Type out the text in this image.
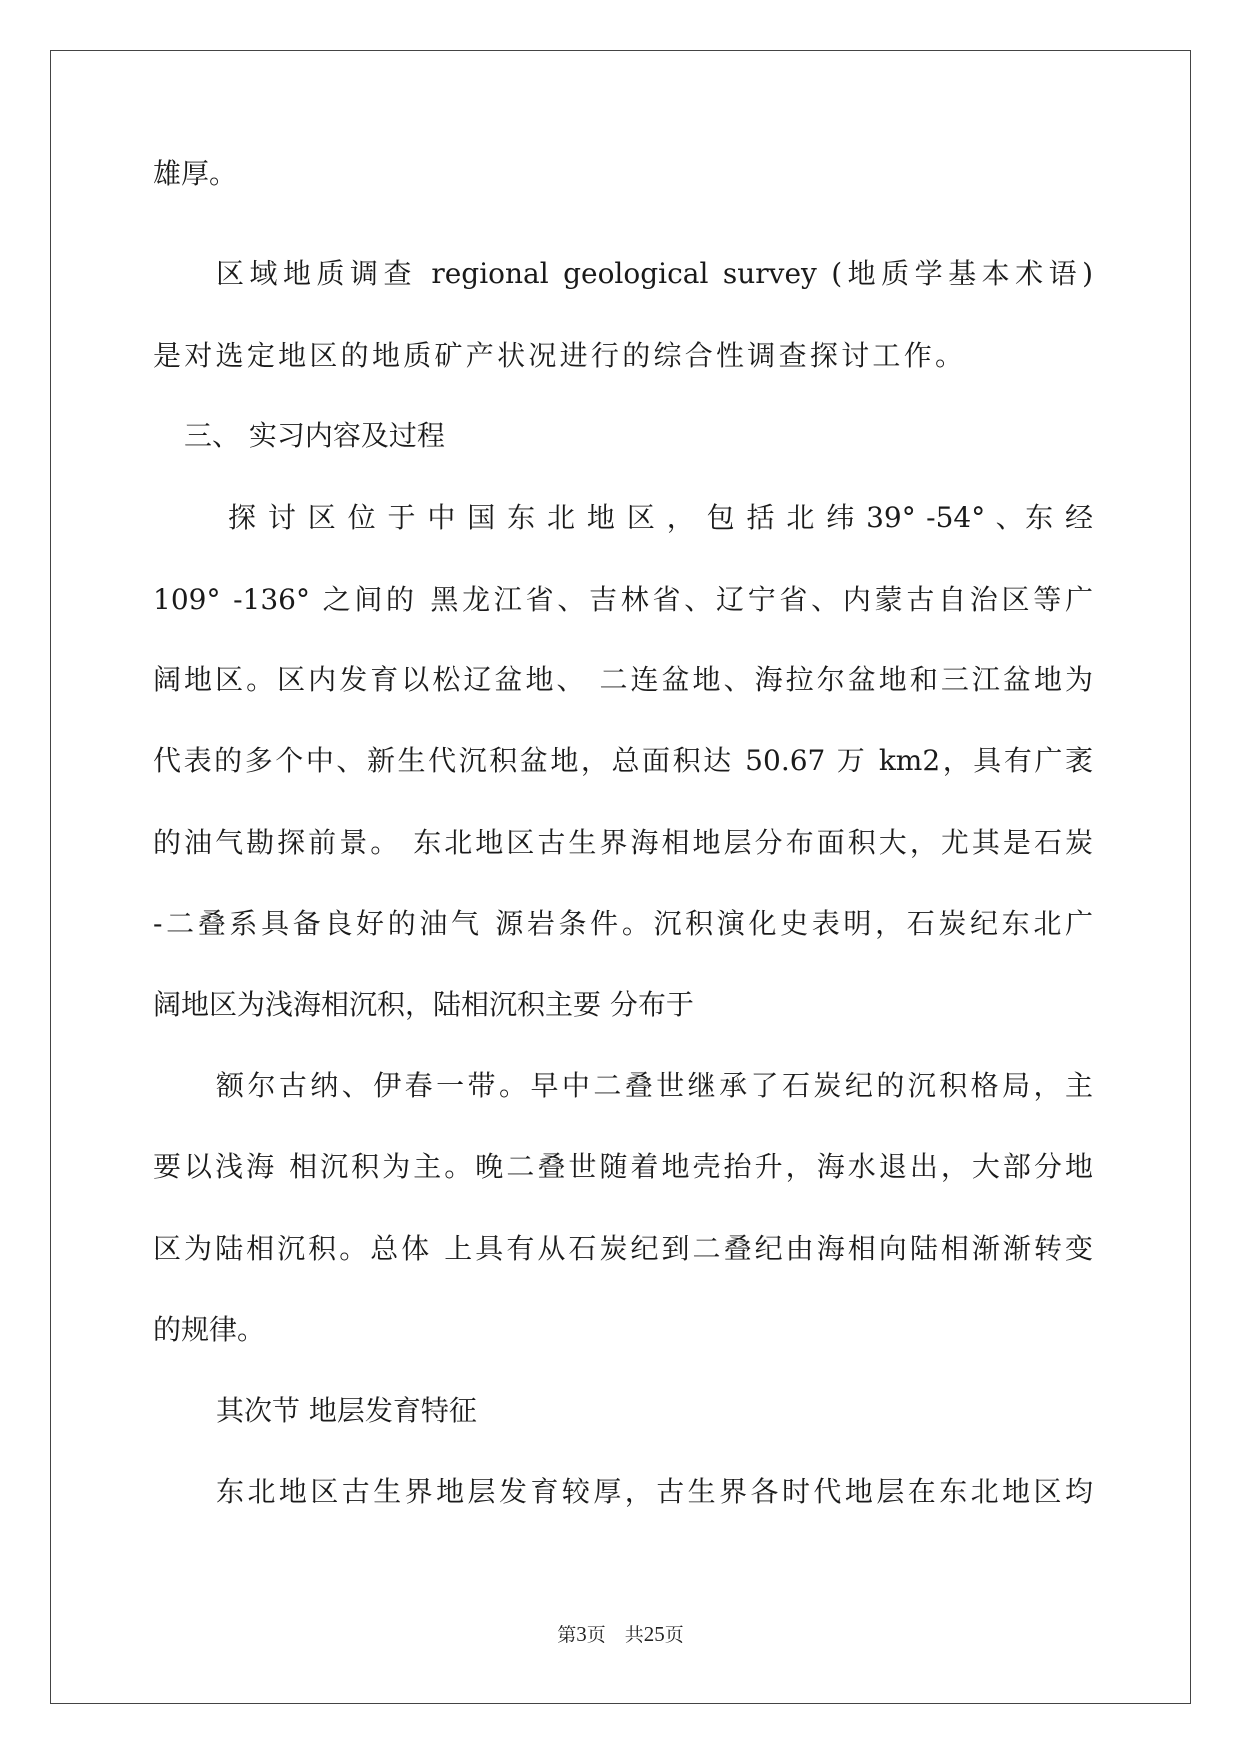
雄厚。
区域地质调查 regional geological survey (地质学基本术语)
是对选定地区的地质矿产状况进行的综合性调查探讨工作。
三、 实习内容及过程
探 讨 区 位 于 中 国 东 北 地 区 ， 包 括 北 纬 39° -54° 、东 经
109° -136° 之间的 黑龙江省、吉林省、辽宁省、内蒙古自治区等广
阔地区。区内发育以松辽盆地、 二连盆地、海拉尔盆地和三江盆地为
代表的多个中、新生代沉积盆地，总面积达 50.67 万 km2，具有广袤
的油气勘探前景。 东北地区古生界海相地层分布面积大，尤其是石炭
-二叠系具备良好的油气 源岩条件。沉积演化史表明，石炭纪东北广
阔地区为浅海相沉积，陆相沉积主要 分布于
额尔古纳、伊春一带。早中二叠世继承了石炭纪的沉积格局，主
要以浅海 相沉积为主。晚二叠世随着地壳抬升，海水退出，大部分地
区为陆相沉积。总体 上具有从石炭纪到二叠纪由海相向陆相渐渐转变
的规律。
其次节 地层发育特征
东北地区古生界地层发育较厚，古生界各时代地层在东北地区均
第3页　共25页
